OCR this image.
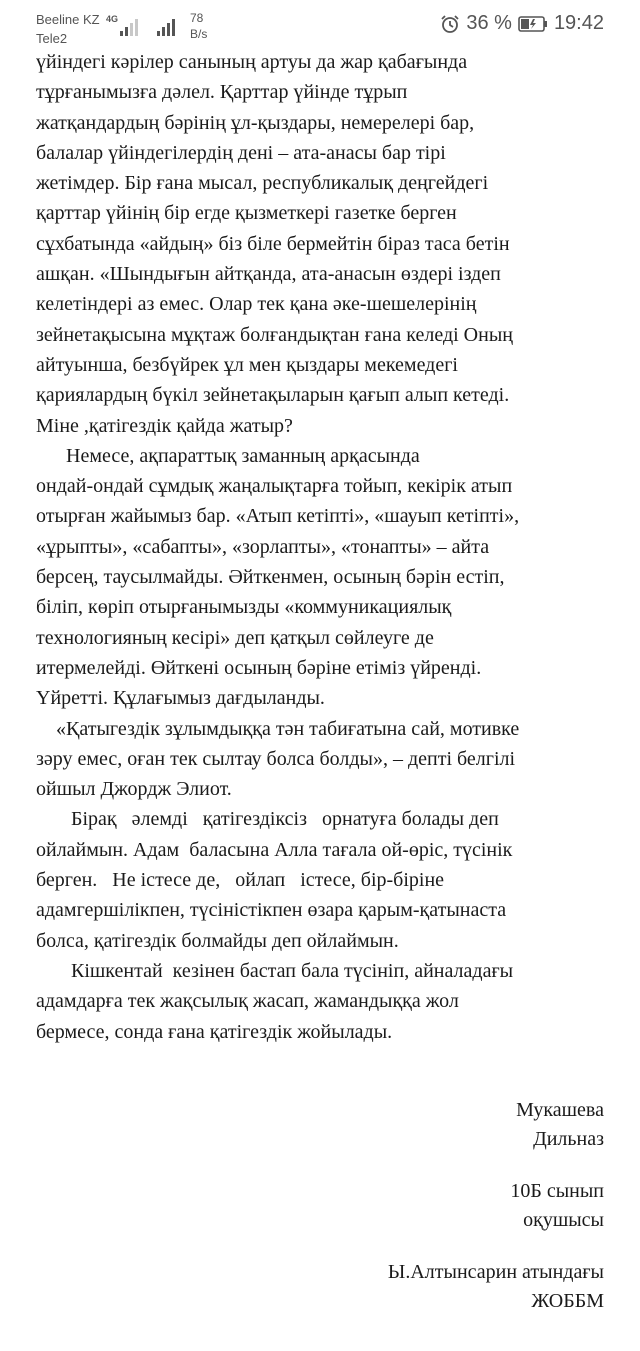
Beeline KZ
Tele2
4G	78
B/s	36 % 19:42
үйіндегі кәрілер санының артуы да жар қабағында
тұрғанымызға дәлел. Қарттар үйінде тұрып
жатқандардың бәрінің ұл-қыздары, немерелері бар,
балалар үйіндегілердің дені – ата-анасы бар тірі
жетімдер. Бір ғана мысал, республикалық деңгейдегі
қарттар үйінің бір егде қызметкері газетке берген
сұхбатында «айдың» біз біле бермейтін біраз таса бетін
ашқан. «Шындығын айтқанда, ата-анасын өздері іздеп
келетіндері аз емес. Олар тек қана әке-шешелерінің
зейнетақысына мұқтаж болғандықтан ғана келеді Оның
айтуынша, безбүйрек ұл мен қыздары мекемедегі
қариялардың бүкіл зейнетақыларын қағып алып кетеді.
Міне ,қатігездік қайда жатыр?
Немесе, ақпараттық заманның арқасында
ондай-ондай сұмдық жаңалықтарға тойып, кекірік атып
отырған жайымыз бар. «Атып кетіпті», «шауып кетіпті»,
«ұрыпты», «сабапты», «зорлапты», «тонапты» – айта
берсең, таусылмайды. Әйткенмен, осының бәрін естіп,
біліп, көріп отырғанымызды «коммуникациялық
технологияның кесірі» деп қатқыл сөйлеуге де
итермелейді. Өйткені осының бәріне етіміз үйренді.
Үйретті. Құлағымыз дағдыланды.
«Қатыгездік зұлымдыққа тән табиғатына сай, мотивке
зәру емес, оған тек сылтау болса болды», – депті белгілі
ойшыл Джордж Элиот.
Бірақ   әлемді   қатігездіксіз   орнатуға болады деп
ойлаймын. Адам  баласына Алла тағала ой-өріс, түсінік
берген.   Не істесе де,   ойлап   істесе, бір-біріне
адамгершілікпен, түсіністікпен өзара қарым-қатынаста
болса, қатігездік болмайды деп ойлаймын.
Кішкентай  кезінен бастап бала түсініп, айналадағы
адамдарға тек жақсылық жасап, жамандыққа жол
бермесе, сонда ғана қатігездік жойылады.
Мукашева
Дильназ
10Б сынып
оқушысы
Ы.Алтынсарин атындағы
ЖОББМ
